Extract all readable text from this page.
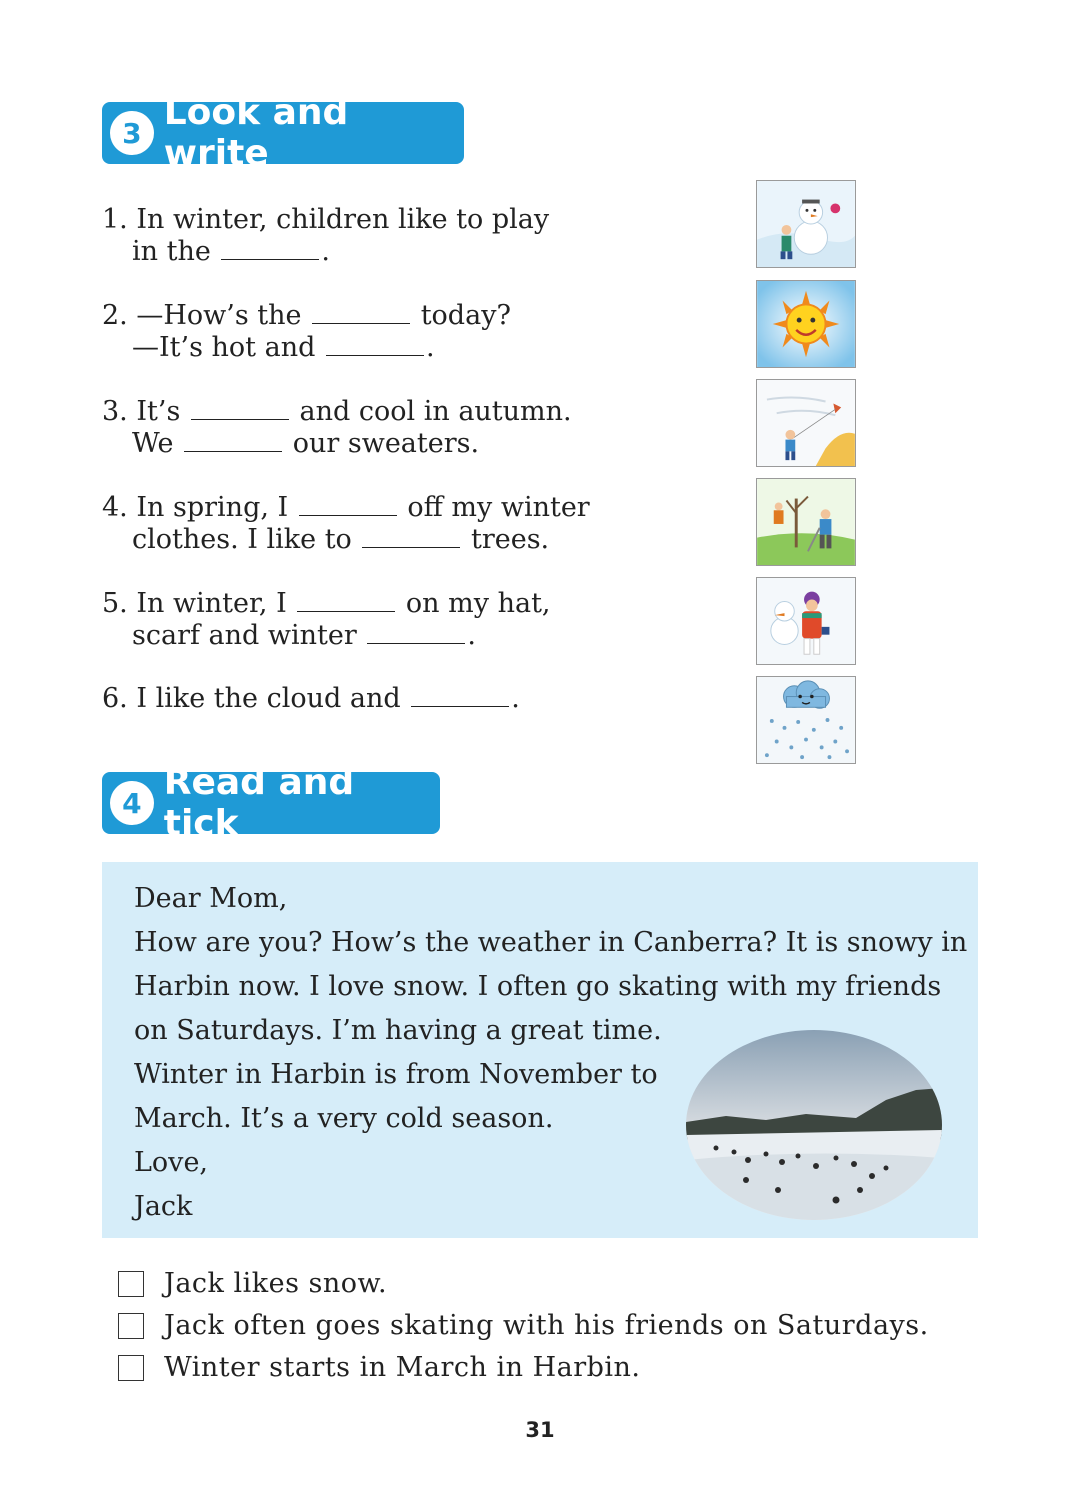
3 Look and write
1. In winter, children like to play
in the	.
2. —How’s the	today?
—It’s hot and	.
3. It’s	and cool in autumn.
We	our sweaters.
4. In spring, I	off my winter
clothes. I like to	trees.
5. In winter, I	on my hat,
scarf and winter	.
6. I like the cloud and	.
4 Read and tick
Dear Mom,
How are you? How’s the weather in Canberra? It is snowy in
Harbin now. I love snow. I often go skating with my friends
on Saturdays. I’m having a great time.
Winter in Harbin is from November to
March. It’s a very cold season.
Love,
Jack
Jack likes snow.
Jack often goes skating with his friends on Saturdays.
Winter starts in March in Harbin.
31
